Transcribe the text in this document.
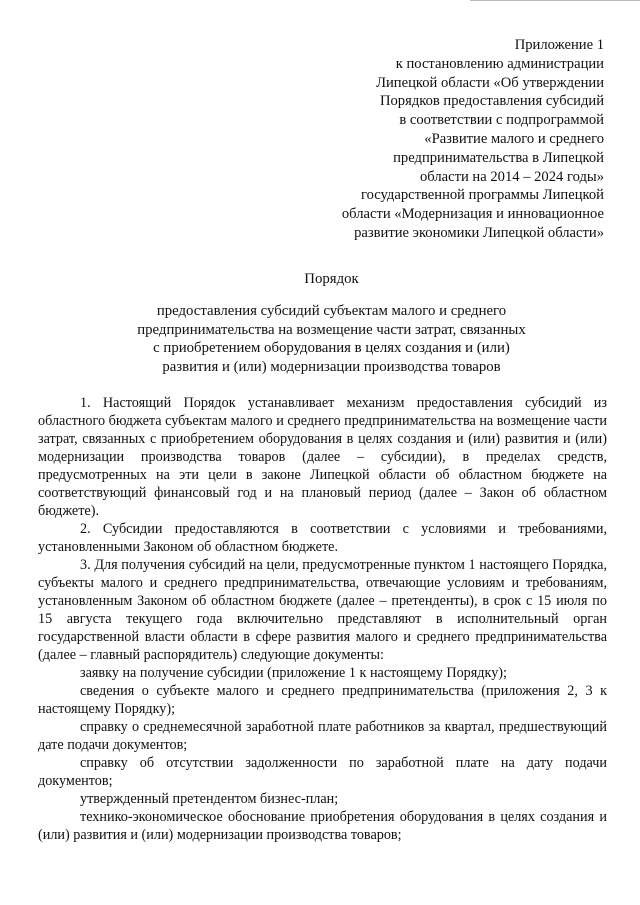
Приложение 1
к постановлению администрации
Липецкой области «Об утверждении
Порядков предоставления субсидий
в соответствии с подпрограммой
«Развитие малого и среднего
предпринимательства в Липецкой
области на 2014 – 2024 годы»
государственной программы Липецкой
области «Модернизация и инновационное
развитие экономики Липецкой области»
Порядок
предоставления субсидий субъектам малого и среднего
предпринимательства на возмещение части затрат, связанных
с приобретением оборудования в целях создания и (или)
развития и (или) модернизации производства товаров

1. Настоящий Порядок устанавливает механизм предоставления субсидий из областного бюджета субъектам малого и среднего предпринимательства на возмещение части затрат, связанных с приобретением оборудования в целях создания и (или) развития и (или) модернизации производства товаров (далее – субсидии), в пределах средств, предусмотренных на эти цели в законе Липецкой области об областном бюджете на соответствующий финансовый год и на плановый период (далее – Закон об областном бюджете).

2. Субсидии предоставляются в соответствии с условиями и требованиями, установленными Законом об областном бюджете.

3. Для получения субсидий на цели, предусмотренные пунктом 1 настоящего Порядка, субъекты малого и среднего предпринимательства, отвечающие условиям и требованиям, установленным Законом об областном бюджете (далее – претенденты), в срок с 15 июля по 15 августа текущего года включительно представляют в исполнительный орган государственной власти области в сфере развития малого и среднего предпринимательства (далее – главный распорядитель) следующие документы:

заявку на получение субсидии (приложение 1 к настоящему Порядку);

сведения о субъекте малого и среднего предпринимательства (приложения 2, 3 к настоящему Порядку);

справку о среднемесячной заработной плате работников за квартал, предшествующий дате подачи документов;

справку об отсутствии задолженности по заработной плате на дату подачи документов;

утвержденный претендентом бизнес-план;

технико-экономическое обоснование приобретения оборудования в целях создания и (или) развития и (или) модернизации производства товаров;
